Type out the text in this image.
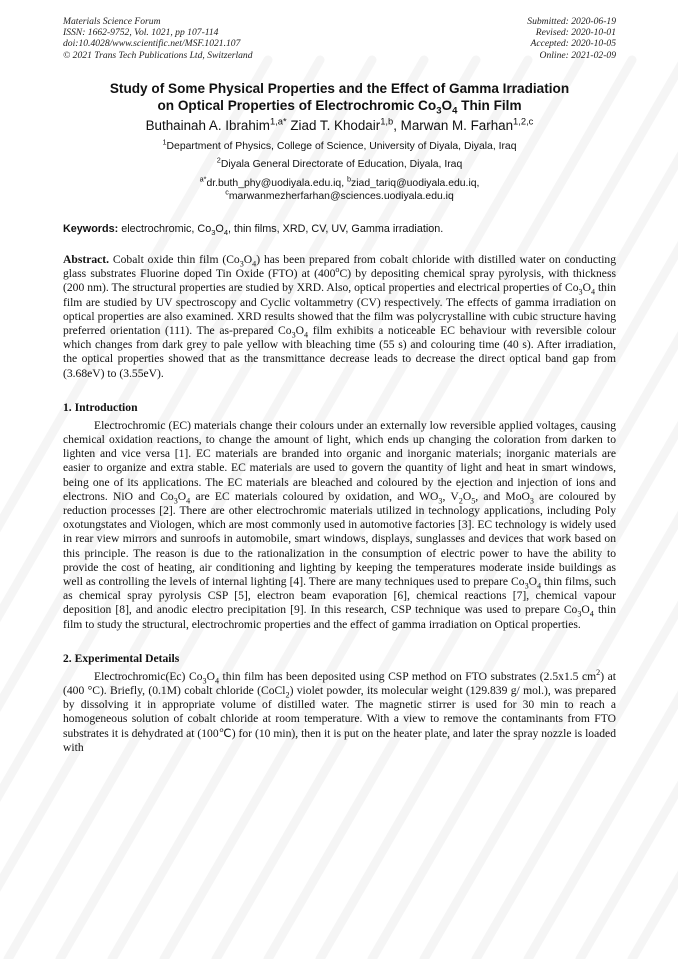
Materials Science Forum
ISSN: 1662-9752, Vol. 1021, pp 107-114
doi:10.4028/www.scientific.net/MSF.1021.107
© 2021 Trans Tech Publications Ltd, Switzerland
Submitted: 2020-06-19
Revised: 2020-10-01
Accepted: 2020-10-05
Online: 2021-02-09
Study of Some Physical Properties and the Effect of Gamma Irradiation
on Optical Properties of Electrochromic $Co_3O_4$ Thin Film
Buthainah A. Ibrahim$^{1,a*}$ Ziad T. Khodair$^{1,b}$, Marwan M. Farhan$^{1,2,c}$
$^1$Department of Physics, College of Science, University of Diyala, Diyala, Iraq
$^2$Diyala General Directorate of Education, Diyala, Iraq
$^{a*}$dr.buth_phy@uodiyala.edu.iq, $^b$ziad_tariq@uodiyala.edu.iq,
$^c$marwanmezherfarhan@sciences.uodiyala.edu.iq
Keywords: electrochromic, $Co_3O_4$, thin films, XRD, CV, UV, Gamma irradiation.
Abstract. Cobalt oxide thin film $(Co_3O_4)$ has been prepared from cobalt chloride with distilled water on conducting glass substrates Fluorine doped Tin Oxide (FTO) at (400$^o$C) by depositing chemical spray pyrolysis, with thickness (200 nm). The structural properties are studied by XRD. Also, optical properties and electrical properties of $Co_3O_4$ thin film are studied by UV spectroscopy and Cyclic voltammetry (CV) respectively. The effects of gamma irradiation on optical properties are also examined. XRD results showed that the film was polycrystalline with cubic structure having preferred orientation (111). The as-prepared $Co_3O_4$ film exhibits a noticeable EC behaviour with reversible colour which changes from dark grey to pale yellow with bleaching time (55 s) and colouring time (40 s). After irradiation, the optical properties showed that as the transmittance decrease leads to decrease the direct optical band gap from (3.68eV) to (3.55eV).
1. Introduction
Electrochromic (EC) materials change their colours under an externally low reversible applied voltages, causing chemical oxidation reactions, to change the amount of light, which ends up changing the coloration from darken to lighten and vice versa [1]. EC materials are branded into organic and inorganic materials; inorganic materials are easier to organize and extra stable. EC materials are used to govern the quantity of light and heat in smart windows, being one of its applications. The EC materials are bleached and coloured by the ejection and injection of ions and electrons. NiO and $Co_3O_4$ are EC materials coloured by oxidation, and $WO_3$, $V_2O_5$, and MoO$_3$ are coloured by reduction processes [2]. There are other electrochromic materials utilized in technology applications, including Poly oxotungstates and Viologen, which are most commonly used in automotive factories [3]. EC technology is widely used in rear view mirrors and sunroofs in automobile, smart windows, displays, sunglasses and devices that work based on this principle. The reason is due to the rationalization in the consumption of electric power to have the ability to provide the cost of heating, air conditioning and lighting by keeping the temperatures moderate inside buildings as well as controlling the levels of internal lighting [4]. There are many techniques used to prepare $Co_3O_4$ thin films, such as chemical spray pyrolysis CSP [5], electron beam evaporation [6], chemical reactions [7], chemical vapour deposition [8], and anodic electro precipitation [9]. In this research, CSP technique was used to prepare $Co_3O_4$ thin film to study the structural, electrochromic properties and the effect of gamma irradiation on Optical properties.
2. Experimental Details
Electrochromic(Ec) $Co_3O_4$ thin film has been deposited using CSP method on FTO substrates (2.5x1.5 $cm^2$) at (400 °C). Briefly, (0.1M) cobalt chloride (CoCl$_2$) violet powder, its molecular weight (129.839 g/ mol.), was prepared by dissolving it in appropriate volume of distilled water. The magnetic stirrer is used for 30 min to reach a homogeneous solution of cobalt chloride at room temperature. With a view to remove the contaminants from FTO substrates it is dehydrated at (100℃) for (10 min), then it is put on the heater plate, and later the spray nozzle is loaded with
